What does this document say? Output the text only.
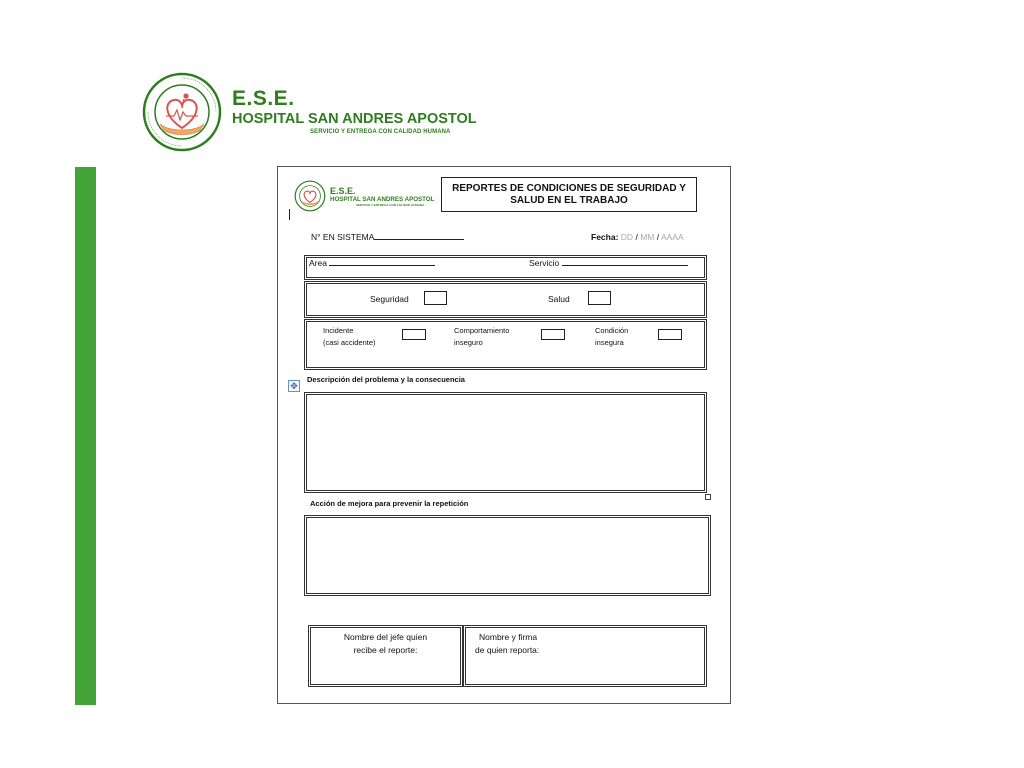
E.S.E.
HOSPITAL SAN ANDRES APOSTOL
SERVICIO Y ENTREGA CON CALIDAD HUMANA
E.S.E.
HOSPITAL SAN ANDRES APOSTOL
SERVICIO Y ENTREGA CON CALIDAD HUMANA
REPORTES DE CONDICIONES DE SEGURIDAD Y
SALUD EN EL TRABAJO
N° EN SISTEMA	Fecha: DD / MM / AAAA
Area	Servicio
Seguridad	Salud
Incidente
(casi accidente)
Comportamiento
inseguro
Condición
insegura
✥
Descripción del problema y la consecuencia
Acción de mejora para prevenir la repetición
Nombre del jefe quien
recibe el reporte:
Nombre y firma
de quien reporta:
